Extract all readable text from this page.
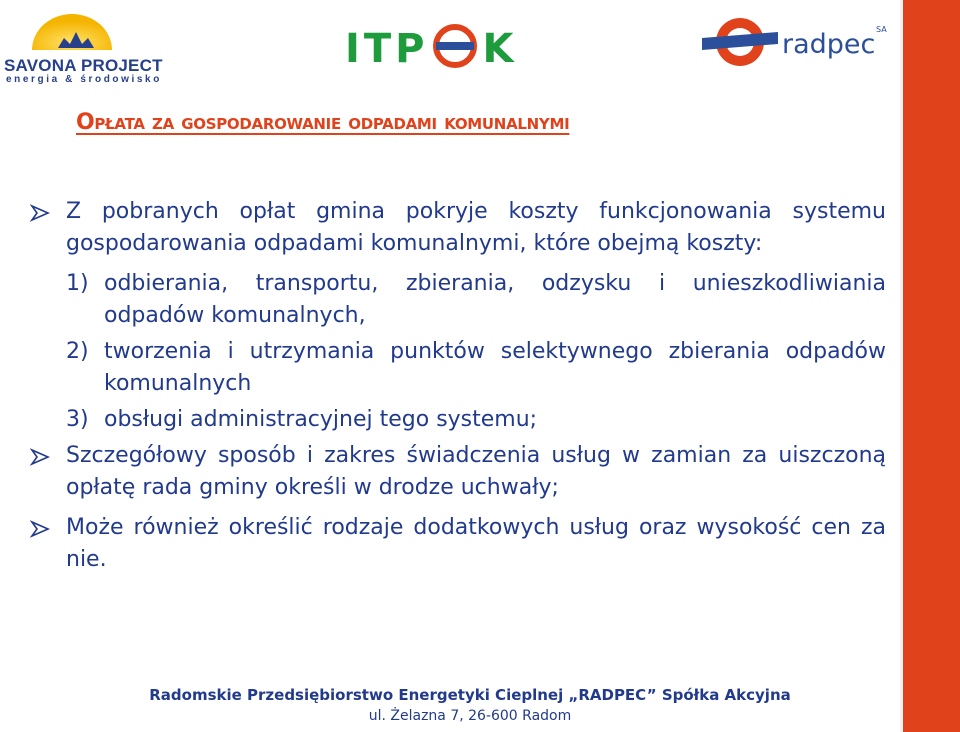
SAVONA PROJECT
energia & środowisko
ITP K	radpec SA
Opłata za gospodarowanie odpadami komunalnymi
Z pobranych opłat gmina pokryje koszty funkcjonowania systemu gospodarowania odpadami komunalnymi, które obejmą koszty:
1) odbierania, transportu, zbierania, odzysku i unieszkodliwiania odpadów komunalnych,
2) tworzenia i utrzymania punktów selektywnego zbierania odpadów komunalnych
3) obsługi administracyjnej tego systemu;
Szczegółowy sposób i zakres świadczenia usług w zamian za uiszczoną opłatę rada gminy określi w drodze uchwały;
Może również określić rodzaje dodatkowych usług oraz wysokość cen za nie.
Radomskie Przedsiębiorstwo Energetyki Cieplnej „RADPEC” Spółka Akcyjna
ul. Żelazna 7, 26-600 Radom
